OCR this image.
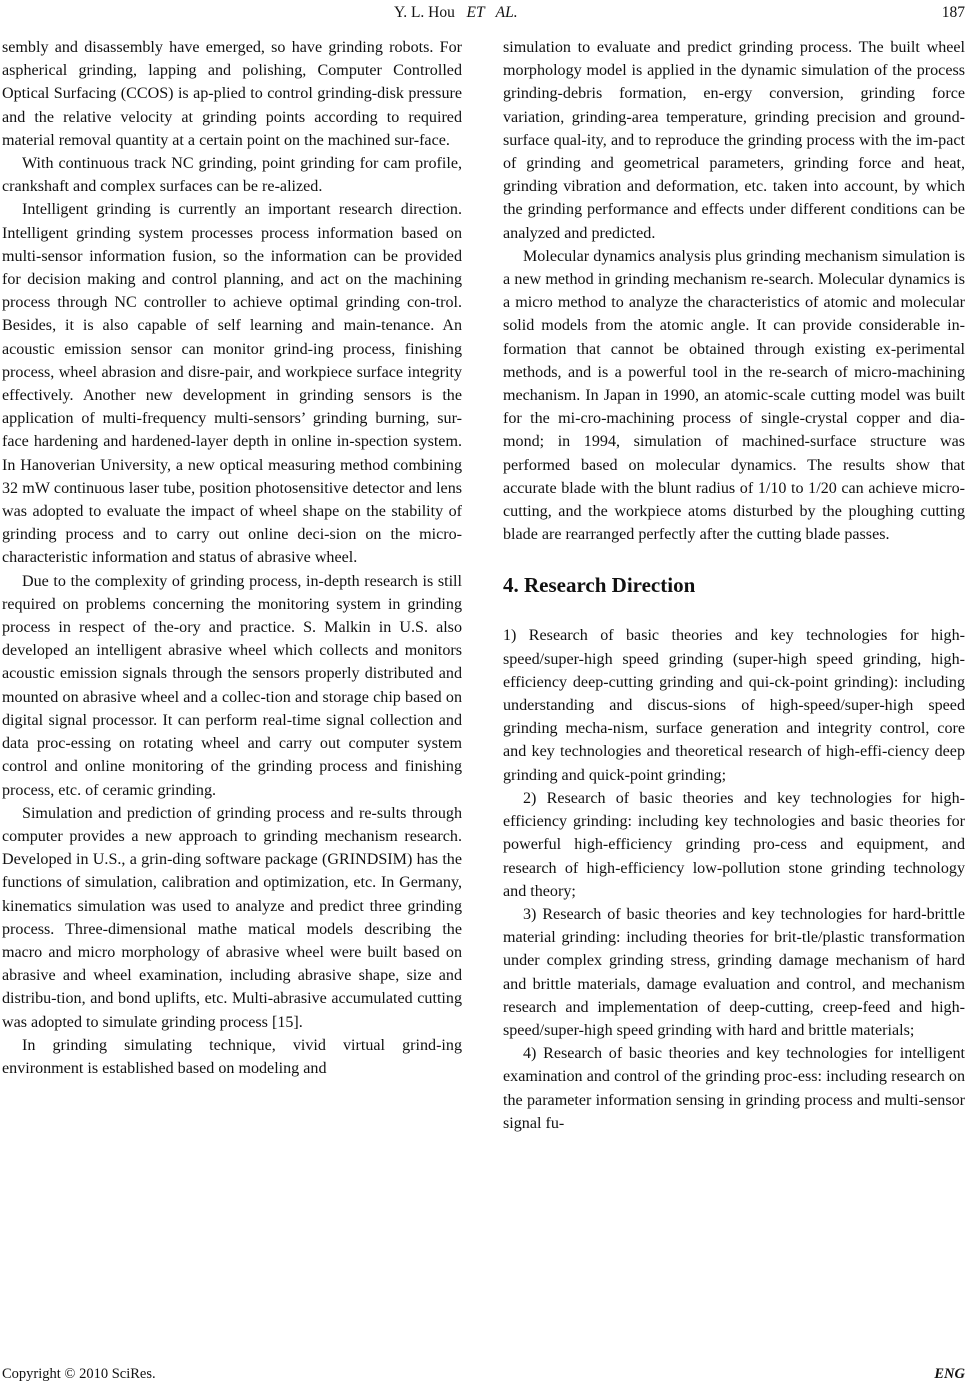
Y. L. Hou ET   AL.	187

sembly and disassembly have emerged, so have grinding robots. For aspherical grinding, lapping and polishing, Computer Controlled Optical Surfacing (CCOS) is ap-plied to control grinding-disk pressure and the relative velocity at grinding points according to required material removal quantity at a certain point on the machined sur-face.

With continuous track NC grinding, point grinding for cam profile, crankshaft and complex surfaces can be re-alized.

Intelligent grinding is currently an important research direction. Intelligent grinding system processes process information based on multi-sensor information fusion, so the information can be provided for decision making and control planning, and act on the machining process through NC controller to achieve optimal grinding con-trol. Besides, it is also capable of self learning and main-tenance. An acoustic emission sensor can monitor grind-ing process, finishing process, wheel abrasion and disre-pair, and workpiece surface integrity effectively. Another new development in grinding sensors is the application of multi-frequency multi-sensors’ grinding burning, sur-face hardening and hardened-layer depth in online in-spection system. In Hanoverian University, a new optical measuring method combining 32 mW continuous laser tube, position photosensitive detector and lens was adopted to evaluate the impact of wheel shape on the stability of grinding process and to carry out online deci-sion on the micro-characteristic information and status of abrasive wheel.

Due to the complexity of grinding process, in-depth research is still required on problems concerning the monitoring system in grinding process in respect of the-ory and practice. S. Malkin in U.S. also developed an intelligent abrasive wheel which collects and monitors acoustic emission signals through the sensors properly distributed and mounted on abrasive wheel and a collec-tion and storage chip based on digital signal processor. It can perform real-time signal collection and data proc-essing on rotating wheel and carry out computer system control and online monitoring of the grinding process and finishing process, etc. of ceramic grinding.

Simulation and prediction of grinding process and re-sults through computer provides a new approach to grinding mechanism research. Developed in U.S., a grin-ding software package (GRINDSIM) has the functions of simulation, calibration and optimization, etc. In Germany, kinematics simulation was used to analyze and predict three grinding process. Three-dimensional mathe matical models describing the macro and micro morphology of abrasive wheel were built based on abrasive and wheel examination, including abrasive shape, size and distribu-tion, and bond uplifts, etc. Multi-abrasive accumulated cutting was adopted to simulate grinding process [15].

In grinding simulating technique, vivid virtual grind-ing environment is established based on modeling and

simulation to evaluate and predict grinding process. The built wheel morphology model is applied in the dynamic simulation of the process grinding-debris formation, en-ergy conversion, grinding force variation, grinding-area temperature, grinding precision and ground-surface qual-ity, and to reproduce the grinding process with the im-pact of grinding and geometrical parameters, grinding force and heat, grinding vibration and deformation, etc. taken into account, by which the grinding performance and effects under different conditions can be analyzed and predicted.

Molecular dynamics analysis plus grinding mechanism simulation is a new method in grinding mechanism re-search. Molecular dynamics is a micro method to analyze the characteristics of atomic and molecular solid models from the atomic angle. It can provide considerable in-formation that cannot be obtained through existing ex-perimental methods, and is a powerful tool in the re-search of micro-machining mechanism. In Japan in 1990, an atomic-scale cutting model was built for the mi-cro-machining process of single-crystal copper and dia-mond; in 1994, simulation of machined-surface structure was performed based on molecular dynamics. The results show that accurate blade with the blunt radius of 1/10 to 1/20 can achieve micro-cutting, and the workpiece atoms disturbed by the ploughing cutting blade are rearranged perfectly after the cutting blade passes.

4. Research Direction

1) Research of basic theories and key technologies for high-speed/super-high speed grinding (super-high speed grinding, high-efficiency deep-cutting grinding and qui-ck-point grinding): including understanding and discus-sions of high-speed/super-high speed grinding mecha-nism, surface generation and integrity control, core and key technologies and theoretical research of high-effi-ciency deep grinding and quick-point grinding;

2) Research of basic theories and key technologies for high-efficiency grinding: including key technologies and basic theories for powerful high-efficiency grinding pro-cess and equipment, and research of high-efficiency low-pollution stone grinding technology and theory;

3) Research of basic theories and key technologies for hard-brittle material grinding: including theories for brit-tle/plastic transformation under complex grinding stress, grinding damage mechanism of hard and brittle materials, damage evaluation and control, and mechanism research and implementation of deep-cutting, creep-feed and high-speed/super-high speed grinding with hard and brittle materials;

4) Research of basic theories and key technologies for intelligent examination and control of the grinding proc-ess: including research on the parameter information sensing in grinding process and multi-sensor signal fu-

Copyright © 2010 SciRes.	ENG
